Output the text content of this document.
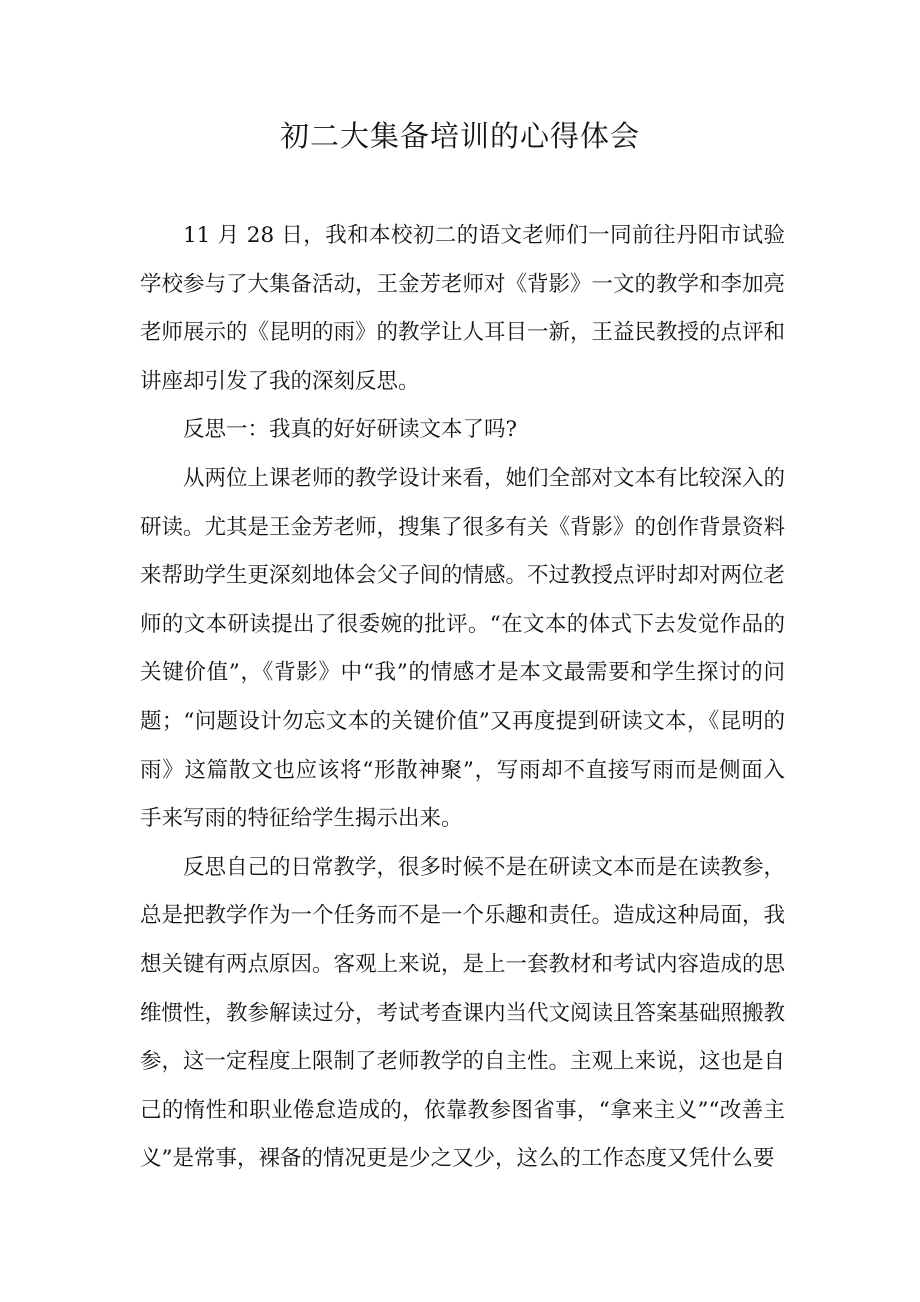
初二大集备培训的心得体会

11 月 28 日，我和本校初二的语文老师们一同前往丹阳市试验学校参与了大集备活动，王金芳老师对《背影》一文的教学和李加亮老师展示的《昆明的雨》的教学让人耳目一新，王益民教授的点评和讲座却引发了我的深刻反思。

反思一：我真的好好研读文本了吗?

从两位上课老师的教学设计来看，她们全部对文本有比较深入的研读。尤其是王金芳老师，搜集了很多有关《背影》的创作背景资料来帮助学生更深刻地体会父子间的情感。不过教授点评时却对两位老师的文本研读提出了很委婉的批评。“在文本的体式下去发觉作品的关键价值”，《背影》中“我”的情感才是本文最需要和学生探讨的问题；“问题设计勿忘文本的关键价值”又再度提到研读文本，《昆明的雨》这篇散文也应该将“形散神聚”，写雨却不直接写雨而是侧面入手来写雨的特征给学生揭示出来。

反思自己的日常教学，很多时候不是在研读文本而是在读教参，总是把教学作为一个任务而不是一个乐趣和责任。造成这种局面，我想关键有两点原因。客观上来说，是上一套教材和考试内容造成的思维惯性，教参解读过分，考试考查课内当代文阅读且答案基础照搬教参，这一定程度上限制了老师教学的自主性。主观上来说，这也是自己的惰性和职业倦怠造成的，依靠教参图省事，“拿来主义”“改善主义”是常事，裸备的情况更是少之又少，这么的工作态度又凭什么要
